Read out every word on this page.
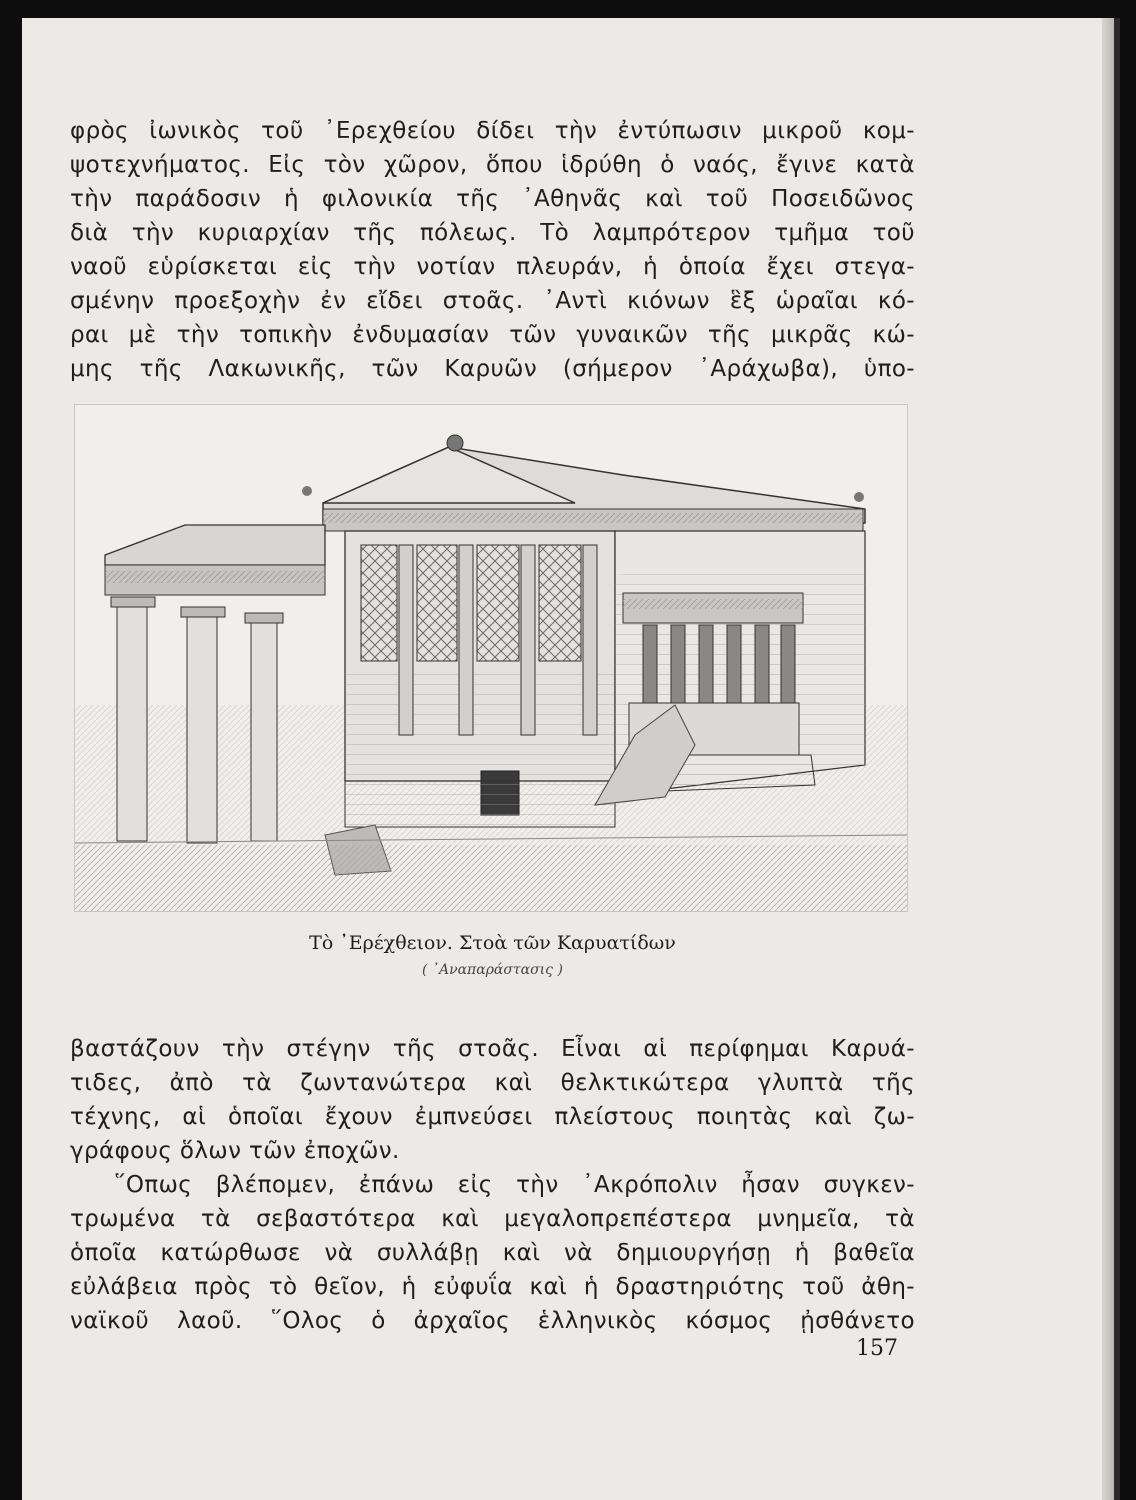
φρὸς ἰωνικὸς τοῦ ᾿Ερεχθείου δίδει τὴν ἐντύπωσιν μικροῦ κομ-
ψοτεχνήματος. Εἰς τὸν χῶρον, ὅπου ἱδρύθη ὁ ναός, ἔγινε κατὰ
τὴν παράδοσιν ἡ φιλονικία τῆς ᾿Αθηνᾶς καὶ τοῦ Ποσειδῶνος
διὰ τὴν κυριαρχίαν τῆς πόλεως. Τὸ λαμπρότερον τμῆμα τοῦ
ναοῦ εὑρίσκεται εἰς τὴν νοτίαν πλευράν, ἡ ὁποία ἔχει στεγα-
σμένην προεξοχὴν ἐν εἴδει στοᾶς. ᾿Αντὶ κιόνων ἓξ ὡραῖαι κό-
ραι μὲ τὴν τοπικὴν ἐνδυμασίαν τῶν γυναικῶν τῆς μικρᾶς κώ-
μης τῆς Λακωνικῆς, τῶν Καρυῶν (σήμερον ᾿Αράχωβα), ὑπο-
Τὸ ᾿Ερέχθειον. Στοὰ τῶν Καρυατίδων
( ᾿Αναπαράστασις )
βαστάζουν τὴν στέγην τῆς στοᾶς. Εἶναι αἱ περίφημαι Καρυά-
τιδες, ἀπὸ τὰ ζωντανώτερα καὶ θελκτικώτερα γλυπτὰ τῆς
τέχνης, αἱ ὁποῖαι ἔχουν ἐμπνεύσει πλείστους ποιητὰς καὶ ζω-
γράφους ὅλων τῶν ἐποχῶν.
῞Οπως βλέπομεν, ἐπάνω εἰς τὴν ᾿Ακρόπολιν ἦσαν συγκεν-
τρωμένα τὰ σεβαστότερα καὶ μεγαλοπρεπέστερα μνημεῖα, τὰ
ὁποῖα κατώρθωσε νὰ συλλάβῃ καὶ νὰ δημιουργήσῃ ἡ βαθεῖα
εὐλάβεια πρὸς τὸ θεῖον, ἡ εὐφυΐα καὶ ἡ δραστηριότης τοῦ ἀθη-
ναϊκοῦ λαοῦ. ῞Ολος ὁ ἀρχαῖος ἑλληνικὸς κόσμος ᾐσθάνετο
157
